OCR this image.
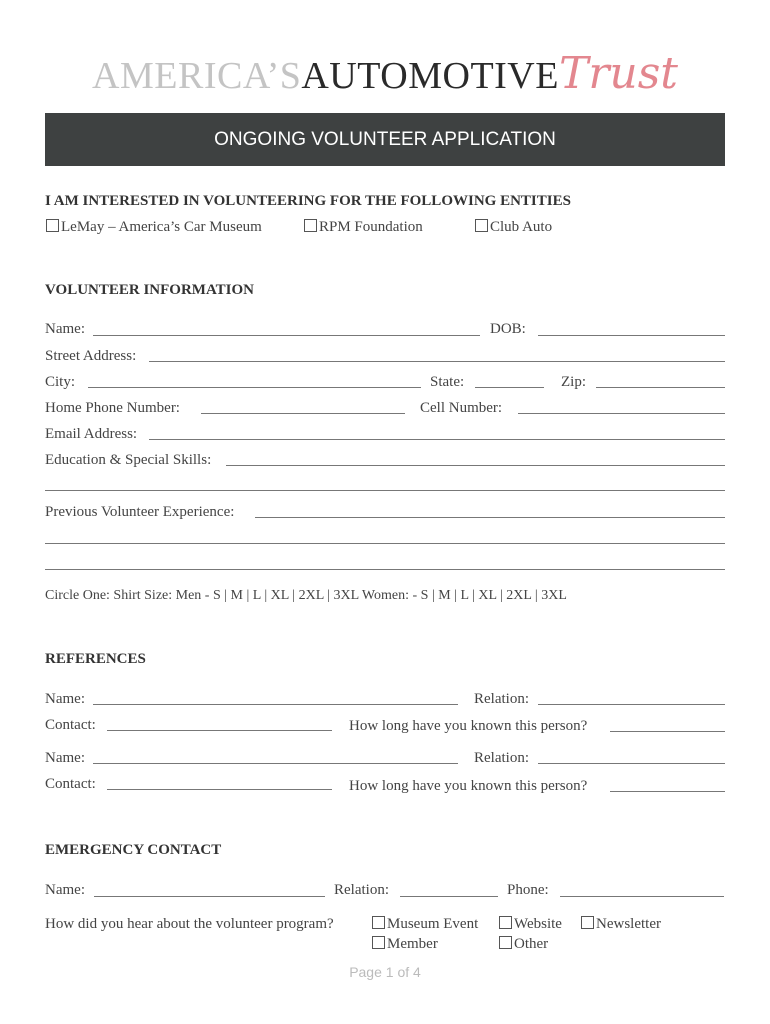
AMERICA’SAUTOMOTIVETrust
ONGOING VOLUNTEER APPLICATION
I AM INTERESTED IN VOLUNTEERING FOR THE FOLLOWING ENTITIES
LeMay – America’s Car Museum	RPM Foundation	Club Auto
VOLUNTEER INFORMATION
Name:	DOB:
Street Address:
City:	State:	Zip:
Home Phone Number:	Cell Number:
Email Address:
Education & Special Skills:
Previous Volunteer Experience:
Circle One: Shirt Size: Men - S | M | L | XL | 2XL | 3XL Women: - S | M | L | XL | 2XL | 3XL
REFERENCES
Name:	Relation:
Contact:	How long have you known this person?
Name:	Relation:
Contact:	How long have you known this person?
EMERGENCY CONTACT
Name:	Relation:	Phone:
How did you hear about the volunteer program?	Museum Event	Website	Newsletter
Member	Other
Page 1 of 4
